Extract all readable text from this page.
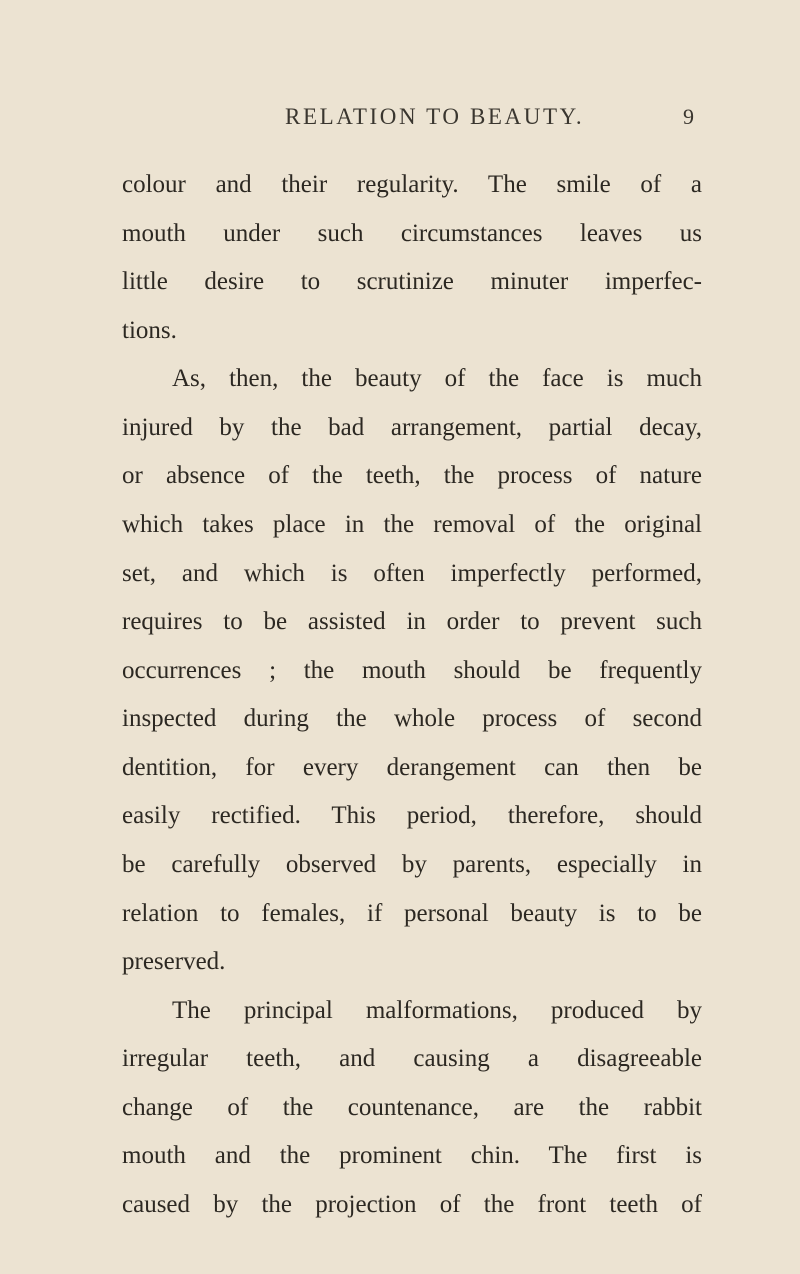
RELATION TO BEAUTY.	9
colour and their regularity. The smile of a
mouth under such circumstances leaves us
little desire to scrutinize minuter imperfec-
tions.
As, then, the beauty of the face is much
injured by the bad arrangement, partial decay,
or absence of the teeth, the process of nature
which takes place in the removal of the original
set, and which is often imperfectly performed,
requires to be assisted in order to prevent such
occurrences ; the mouth should be frequently
inspected during the whole process of second
dentition, for every derangement can then be
easily rectified. This period, therefore, should
be carefully observed by parents, especially in
relation to females, if personal beauty is to be
preserved.
The principal malformations, produced by
irregular teeth, and causing a disagreeable
change of the countenance, are the rabbit
mouth and the prominent chin. The first is
caused by the projection of the front teeth of
